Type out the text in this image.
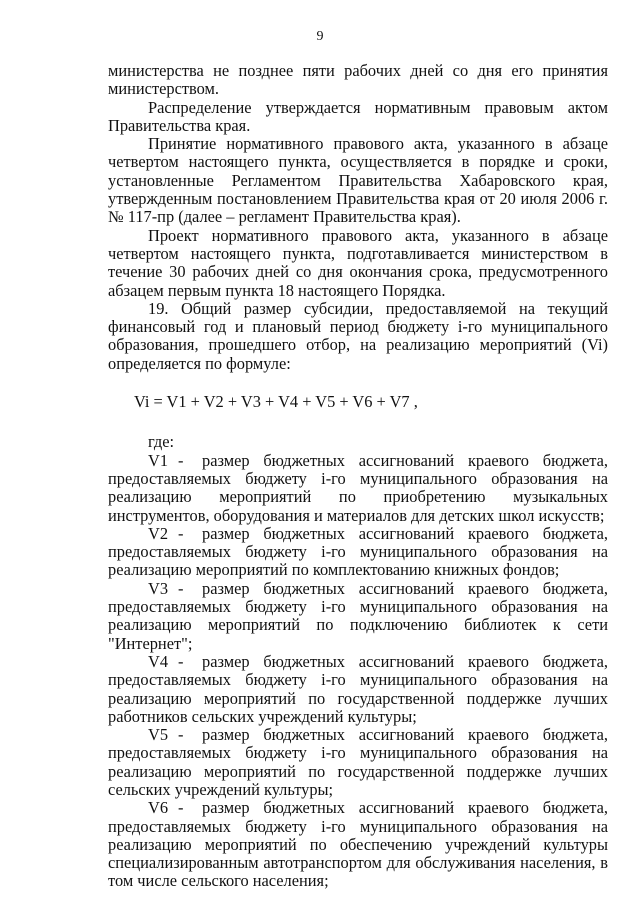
9

министерства не позднее пяти рабочих дней со дня его принятия министерством.

Распределение утверждается нормативным правовым актом Правительства края.

Принятие нормативного правового акта, указанного в абзаце четвертом настоящего пункта, осуществляется в порядке и сроки, установленные Регламентом Правительства Хабаровского края, утвержденным постановлением Правительства края от 20 июля 2006 г. № 117-пр (далее – регламент Правительства края).

Проект нормативного правового акта, указанного в абзаце четвертом настоящего пункта, подготавливается министерством в течение 30 рабочих дней со дня окончания срока, предусмотренного абзацем первым пункта 18 настоящего Порядка.

19. Общий размер субсидии, предоставляемой на текущий финансовый год и плановый период бюджету i-го муниципального образования, прошедшего отбор, на реализацию мероприятий (Vi) определяется по формуле:

Vi = V1 + V2 + V3 + V4 + V5 + V6 + V7 ,

где:

V1 - размер бюджетных ассигнований краевого бюджета, предоставляемых бюджету i-го муниципального образования на реализацию мероприятий по приобретению музыкальных инструментов, оборудования и материалов для детских школ искусств;

V2 - размер бюджетных ассигнований краевого бюджета, предоставляемых бюджету i-го муниципального образования на реализацию мероприятий по комплектованию книжных фондов;

V3 - размер бюджетных ассигнований краевого бюджета, предоставляемых бюджету i-го муниципального образования на реализацию мероприятий по подключению библиотек к сети "Интернет";

V4 - размер бюджетных ассигнований краевого бюджета, предоставляемых бюджету i-го муниципального образования на реализацию мероприятий по государственной поддержке лучших работников сельских учреждений культуры;

V5 - размер бюджетных ассигнований краевого бюджета, предоставляемых бюджету i-го муниципального образования на реализацию мероприятий по государственной поддержке лучших сельских учреждений культуры;

V6 - размер бюджетных ассигнований краевого бюджета, предоставляемых бюджету i-го муниципального образования на реализацию мероприятий по обеспечению учреждений культуры специализированным автотранспортом для обслуживания населения, в том числе сельского населения;
